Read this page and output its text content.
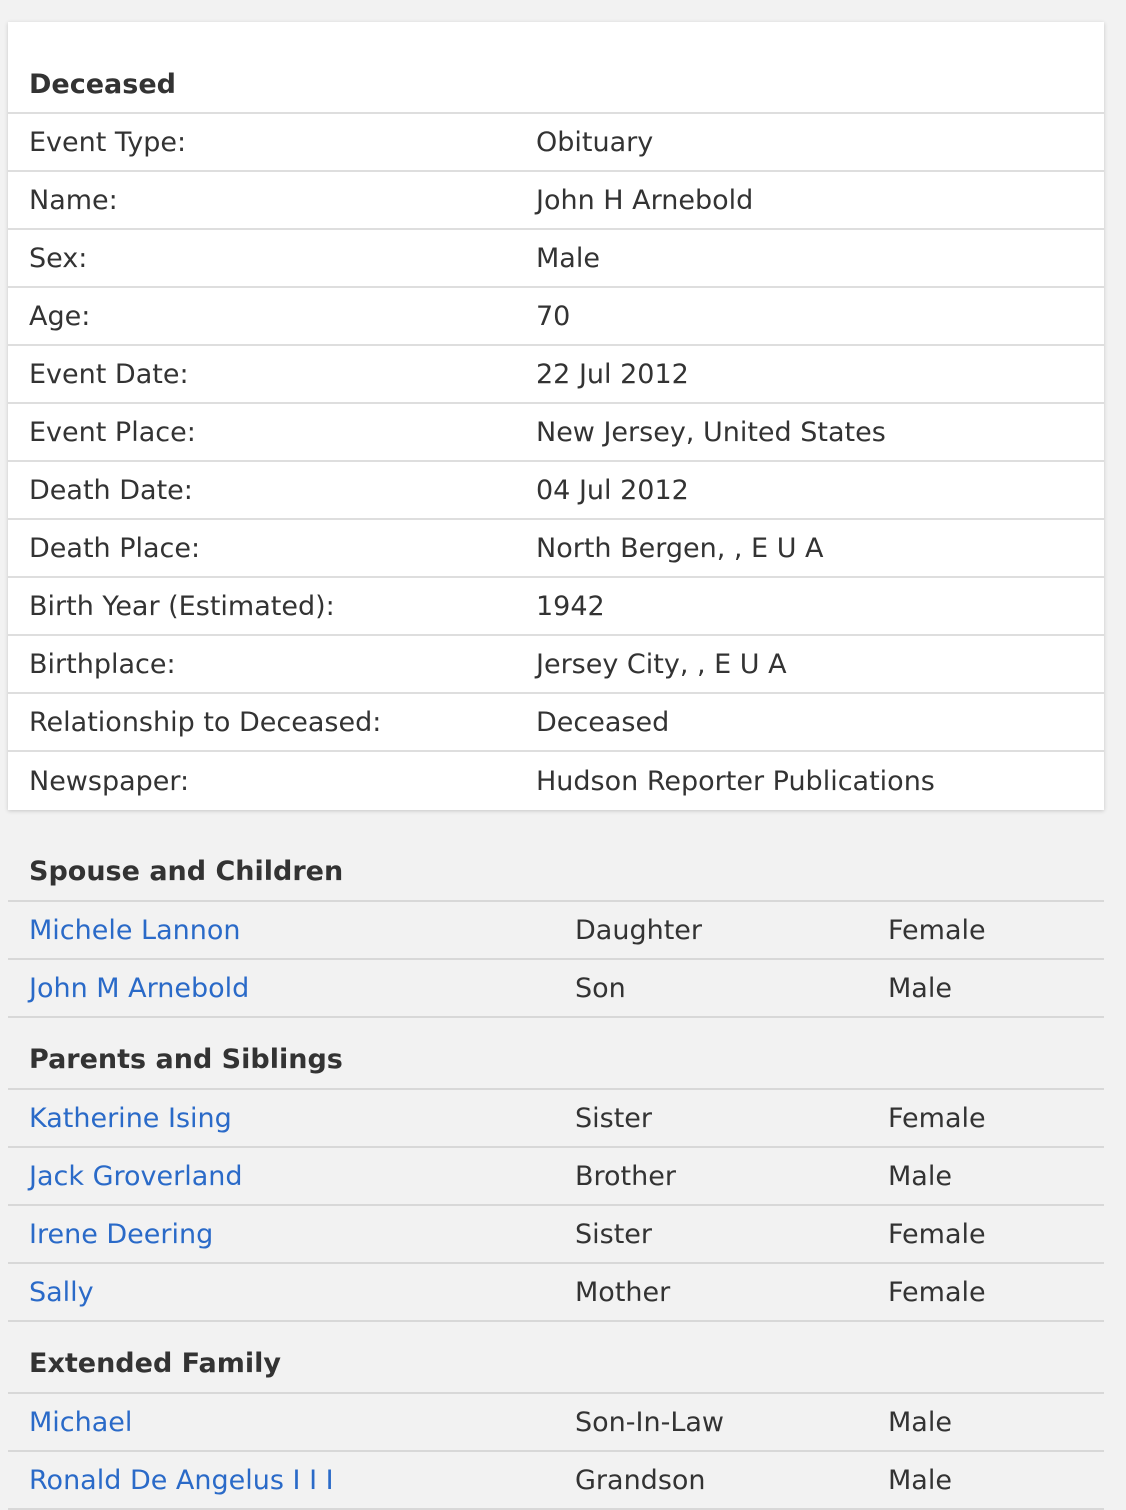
Deceased
Event Type:	Obituary
Name:	John H Arnebold
Sex:	Male
Age:	70
Event Date:	22 Jul 2012
Event Place:	New Jersey, United States
Death Date:	04 Jul 2012
Death Place:	North Bergen, , E U A
Birth Year (Estimated):	1942
Birthplace:	Jersey City, , E U A
Relationship to Deceased:	Deceased
Newspaper:	Hudson Reporter Publications
Spouse and Children
Michele Lannon	Daughter	Female
John M Arnebold	Son	Male
Parents and Siblings
Katherine Ising	Sister	Female
Jack Groverland	Brother	Male
Irene Deering	Sister	Female
Sally	Mother	Female
Extended Family
Michael	Son-In-Law	Male
Ronald De Angelus I I I	Grandson	Male
